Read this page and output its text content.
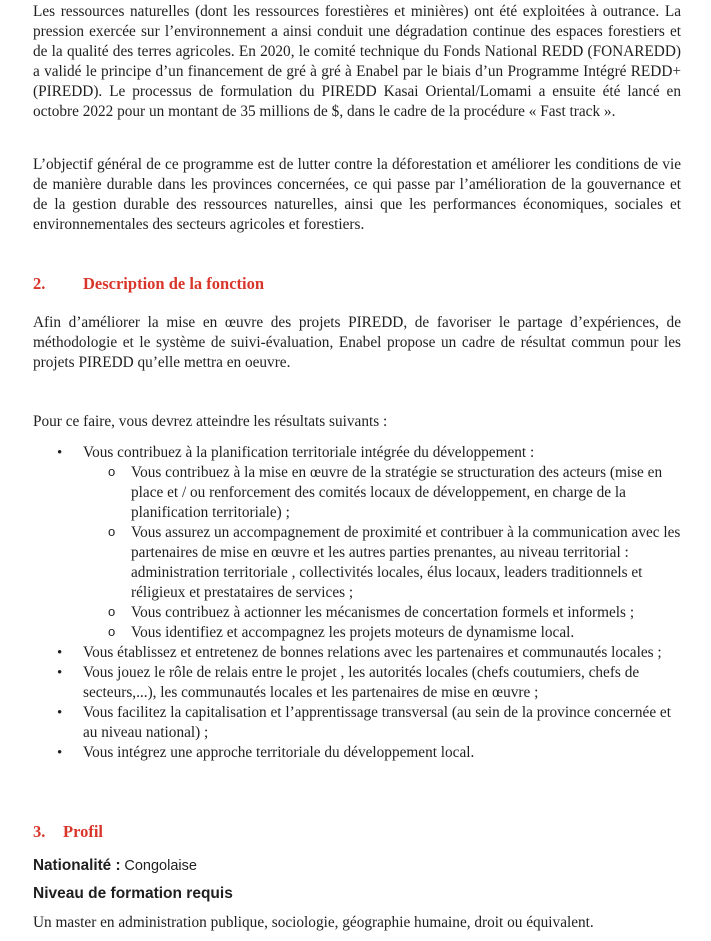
Les ressources naturelles (dont les ressources forestières et minières) ont été exploitées à outrance. La pression exercée sur l’environnement a ainsi conduit une dégradation continue des espaces forestiers et de la qualité des terres agricoles. En 2020, le comité technique du Fonds National REDD (FONAREDD) a validé le principe d’un financement de gré à gré à Enabel par le biais d’un Programme Intégré REDD+ (PIREDD). Le processus de formulation du PIREDD Kasai Oriental/Lomami a ensuite été lancé en octobre 2022 pour un montant de 35 millions de $, dans le cadre de la procédure « Fast track ».

L’objectif général de ce programme est de lutter contre la déforestation et améliorer les conditions de vie de manière durable dans les provinces concernées, ce qui passe par l’amélioration de la gouvernance et de la gestion durable des ressources naturelles, ainsi que les performances économiques, sociales et environnementales des secteurs agricoles et forestiers.

2. Description de la fonction

Afin d’améliorer la mise en œuvre des projets PIREDD, de favoriser le partage d’expériences, de méthodologie et le système de suivi-évaluation, Enabel propose un cadre de résultat commun pour les projets PIREDD qu’elle mettra en oeuvre.

Pour ce faire, vous devrez atteindre les résultats suivants :

• Vous contribuez à la planification territoriale intégrée du développement :
o Vous contribuez à la mise en œuvre de la stratégie se structuration des acteurs (mise en place et / ou renforcement des comités locaux de développement, en charge de la planification territoriale) ;
o Vous assurez un accompagnement de proximité et contribuer à la communication avec les partenaires de mise en œuvre et les autres parties prenantes, au niveau territorial : administration territoriale , collectivités locales, élus locaux, leaders traditionnels et réligieux et prestataires de services ;
o Vous contribuez à actionner les mécanismes de concertation formels et informels ;
o Vous identifiez et accompagnez les projets moteurs de dynamisme local.
• Vous établissez et entretenez de bonnes relations avec les partenaires et communautés locales ;
• Vous jouez le rôle de relais entre le projet , les autorités locales (chefs coutumiers, chefs de secteurs,...), les communautés locales et les partenaires de mise en œuvre ;
• Vous facilitez la capitalisation et l’apprentissage transversal (au sein de la province concernée et au niveau national) ;
• Vous intégrez une approche territoriale du développement local.
3. Profil
Nationalité : Congolaise
Niveau de formation requis

Un master en administration publique, sociologie, géographie humaine, droit ou équivalent.
